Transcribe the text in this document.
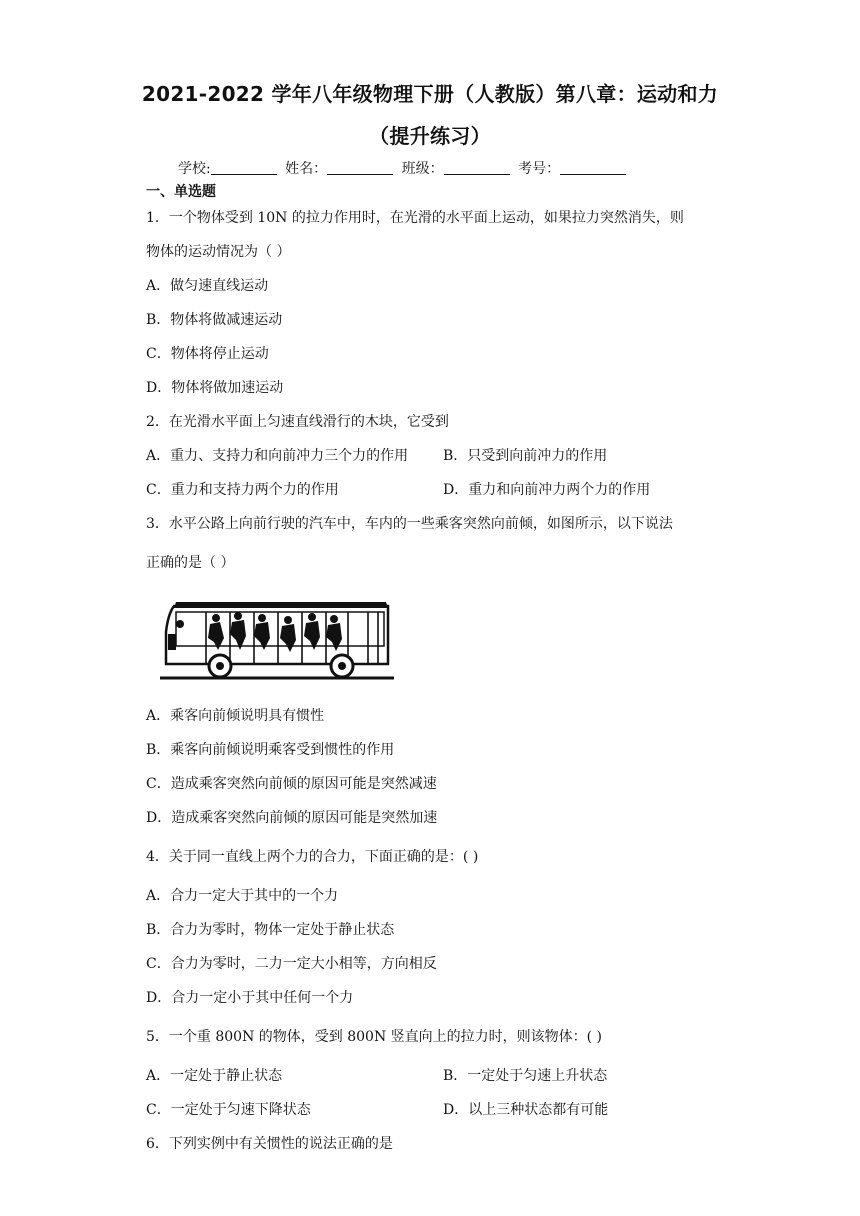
2021-2022 学年八年级物理下册（人教版）第八章：运动和力
（提升练习）
学校:	姓名：	班级：	考号：
一、单选题
1．一个物体受到 10N 的拉力作用时，在光滑的水平面上运动，如果拉力突然消失，则
物体的运动情况为（ ）
A．做匀速直线运动
B．物体将做减速运动
C．物体将停止运动
D．物体将做加速运动
2．在光滑水平面上匀速直线滑行的木块，它受到
A．重力、支持力和向前冲力三个力的作用 B．只受到向前冲力的作用
C．重力和支持力两个力的作用	D．重力和向前冲力两个力的作用
3．水平公路上向前行驶的汽车中，车内的一些乘客突然向前倾，如图所示，以下说法
正确的是（ ）
A．乘客向前倾说明具有惯性
B．乘客向前倾说明乘客受到惯性的作用
C．造成乘客突然向前倾的原因可能是突然减速
D．造成乘客突然向前倾的原因可能是突然加速
4．关于同一直线上两个力的合力，下面正确的是：( )
A．合力一定大于其中的一个力
B．合力为零时，物体一定处于静止状态
C．合力为零时，二力一定大小相等，方向相反
D．合力一定小于其中任何一个力
5．一个重 800N 的物体，受到 800N 竖直向上的拉力时，则该物体：( )
A．一定处于静止状态	B．一定处于匀速上升状态
C．一定处于匀速下降状态	D．以上三种状态都有可能
6．下列实例中有关惯性的说法正确的是
